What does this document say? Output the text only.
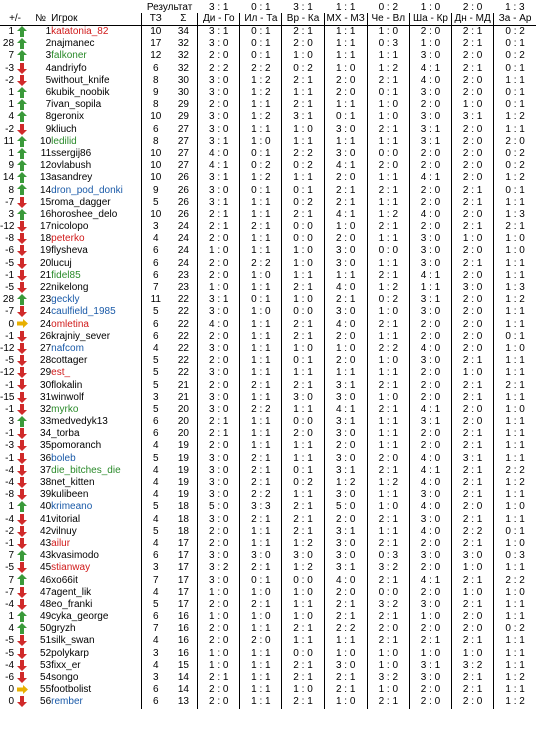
				Результат		3 : 1	0 : 1	3 : 1	1 : 1	0 : 2	1 : 0	2 : 0	1 : 3
+/-		№	Игрок	ТЗ	Σ	Ди - Го	Ил - Та	Вр - Ка	МХ - МЗ	Че - Вл	Ша - Кр	Дн - МД	За - Ар
1		1	katatonia_82	10	34	3 : 1	0 : 1	2 : 1	1 : 1	1 : 0	2 : 0	2 : 1	0 : 2
28		2	najmanec	17	32	3 : 0	0 : 1	2 : 0	1 : 1	0 : 3	1 : 0	2 : 1	0 : 1
7		3	falkoner	12	32	2 : 0	0 : 1	1 : 0	1 : 1	1 : 1	3 : 0	2 : 0	0 : 2
-3		4	andriyfo	6	32	2 : 2	2 : 2	0 : 2	1 : 0	1 : 2	4 : 1	2 : 1	0 : 1
-2		5	without_knife	8	30	3 : 0	1 : 2	2 : 1	2 : 0	2 : 1	4 : 0	2 : 0	1 : 1
1		6	kubik_noobik	9	30	3 : 0	1 : 2	1 : 1	2 : 0	0 : 1	3 : 0	2 : 0	0 : 1
1		7	ivan_sopila	8	29	2 : 0	1 : 1	2 : 1	1 : 1	1 : 0	2 : 0	1 : 0	0 : 1
4		8	geronix	10	29	3 : 0	1 : 2	3 : 1	0 : 1	1 : 0	3 : 0	3 : 1	1 : 2
-2		9	kliuch	6	27	3 : 0	1 : 1	1 : 0	3 : 0	2 : 1	3 : 1	2 : 0	1 : 1
11		10	ledilid	8	27	3 : 1	1 : 0	1 : 1	1 : 1	1 : 1	3 : 1	2 : 0	2 : 0
1		11	ssergij86	10	27	4 : 0	0 : 1	2 : 2	3 : 0	0 : 0	2 : 0	2 : 0	0 : 2
9		12	ovlabush	10	27	4 : 1	0 : 2	0 : 2	4 : 1	2 : 0	2 : 0	2 : 0	0 : 2
14		13	asandrey	10	26	3 : 1	1 : 2	1 : 1	2 : 0	1 : 1	4 : 1	2 : 0	1 : 2
8		14	dron_pod_donki	9	26	3 : 0	0 : 1	0 : 1	2 : 1	2 : 1	2 : 0	2 : 1	0 : 1
-7		15	roma_dagger	5	26	3 : 1	1 : 1	0 : 2	2 : 1	1 : 1	2 : 0	2 : 1	1 : 1
3		16	horoshee_delo	10	26	2 : 1	1 : 1	2 : 1	4 : 1	1 : 2	4 : 0	2 : 0	1 : 3
-12		17	nicolopo	3	24	2 : 1	2 : 1	0 : 0	1 : 0	2 : 1	2 : 0	2 : 1	2 : 1
-8		18	peterko	4	24	2 : 0	1 : 1	0 : 0	2 : 0	1 : 1	3 : 0	1 : 0	1 : 0
-6		19	flysheva	6	24	1 : 0	1 : 1	1 : 0	3 : 0	0 : 0	3 : 0	2 : 0	1 : 0
-5		20	lucuj	6	24	2 : 0	2 : 2	1 : 0	3 : 0	1 : 1	3 : 0	2 : 1	1 : 1
-1		21	fidel85	6	23	2 : 0	1 : 0	1 : 1	1 : 1	2 : 1	4 : 1	2 : 0	1 : 1
-5		22	nikelong	7	23	1 : 0	1 : 1	2 : 1	4 : 0	1 : 2	1 : 1	3 : 0	1 : 3
28		23	geckly	11	22	3 : 1	0 : 1	1 : 0	2 : 1	0 : 2	3 : 1	2 : 0	1 : 2
-7		24	caulfield_1985	5	22	3 : 0	1 : 0	0 : 0	3 : 0	1 : 0	3 : 0	2 : 0	1 : 1
0		24	omletina	6	22	4 : 0	1 : 1	2 : 1	4 : 0	2 : 1	2 : 0	2 : 0	1 : 1
-1		26	krajniy_sever	6	22	2 : 0	1 : 1	2 : 1	2 : 0	1 : 1	2 : 0	2 : 0	0 : 1
-12		27	nafcom	4	22	3 : 0	1 : 1	1 : 0	1 : 0	2 : 2	4 : 0	2 : 0	1 : 0
-5		28	cottager	5	22	2 : 0	1 : 1	0 : 1	2 : 0	1 : 0	3 : 0	2 : 1	1 : 1
-12		29	est_	5	22	3 : 0	1 : 1	1 : 1	1 : 1	1 : 1	2 : 0	1 : 0	1 : 1
-1		30	flokalin	5	21	2 : 0	2 : 1	2 : 1	3 : 1	2 : 1	2 : 0	2 : 1	2 : 1
-15		31	winwolf	3	21	3 : 0	1 : 1	3 : 0	3 : 0	1 : 0	2 : 0	2 : 1	1 : 1
-1		32	myrko	5	20	3 : 0	2 : 2	1 : 1	4 : 1	2 : 1	4 : 1	2 : 0	1 : 0
3		33	medvedyk13	6	20	2 : 1	1 : 1	0 : 0	3 : 1	1 : 1	3 : 1	2 : 0	1 : 1
-1		34	_torba	6	20	2 : 1	1 : 1	2 : 0	3 : 0	1 : 1	2 : 0	2 : 1	1 : 1
-3		35	pomoranch	4	19	2 : 0	1 : 1	1 : 1	2 : 0	1 : 1	2 : 0	2 : 1	1 : 1
-1		36	boleb	5	19	3 : 0	2 : 1	1 : 1	3 : 0	2 : 0	4 : 0	3 : 1	1 : 1
-4		37	die_bitches_die	4	19	3 : 0	2 : 1	0 : 1	3 : 1	2 : 1	4 : 1	2 : 1	2 : 2
-4		38	net_kitten	4	19	3 : 0	2 : 1	0 : 2	1 : 2	1 : 2	4 : 0	2 : 1	1 : 2
-8		39	kulibeen	4	19	3 : 0	2 : 2	1 : 1	3 : 0	1 : 1	3 : 0	2 : 1	1 : 1
1		40	krimeano	5	18	5 : 0	3 : 3	2 : 1	5 : 0	1 : 0	4 : 0	2 : 0	1 : 0
-4		41	vitorial	4	18	3 : 0	2 : 1	2 : 1	2 : 0	2 : 1	3 : 0	2 : 1	1 : 1
-2		42	vilnuy	5	18	2 : 0	1 : 1	2 : 1	3 : 1	1 : 1	4 : 0	2 : 2	0 : 1
-1		43	ailur	4	17	2 : 0	1 : 1	1 : 2	3 : 0	2 : 1	2 : 0	2 : 1	1 : 0
7		43	kvasimodo	6	17	3 : 0	3 : 0	3 : 0	3 : 0	0 : 3	3 : 0	3 : 0	0 : 3
-5		45	stianway	3	17	3 : 2	2 : 1	1 : 2	3 : 1	3 : 2	2 : 0	1 : 0	1 : 1
7		46	xo66it	7	17	3 : 0	0 : 1	0 : 0	4 : 0	2 : 1	4 : 1	2 : 1	2 : 2
-7		47	agent_lik	4	17	1 : 0	1 : 0	1 : 0	2 : 0	0 : 0	2 : 0	1 : 0	1 : 0
-4		48	eo_franki	5	17	2 : 0	2 : 1	1 : 1	2 : 1	3 : 2	3 : 0	2 : 1	1 : 1
1		49	cyka_george	6	16	1 : 0	1 : 0	1 : 0	2 : 1	2 : 1	1 : 0	2 : 0	1 : 1
4		50	gryzh	7	16	2 : 0	1 : 1	2 : 1	2 : 2	2 : 0	2 : 0	2 : 0	0 : 2
-5		51	silk_swan	4	16	2 : 0	2 : 0	1 : 1	1 : 1	2 : 1	2 : 1	2 : 1	1 : 1
-5		52	polykarp	3	16	1 : 0	1 : 1	0 : 0	1 : 0	1 : 0	1 : 0	1 : 0	1 : 1
-4		53	fixx_er	4	15	1 : 0	1 : 1	2 : 1	3 : 0	1 : 0	3 : 1	3 : 2	1 : 1
-6		54	songo	3	14	2 : 1	1 : 1	2 : 1	2 : 1	3 : 2	3 : 0	2 : 1	1 : 2
0		55	footbolist	6	14	2 : 0	1 : 1	1 : 0	2 : 1	1 : 0	2 : 0	2 : 1	1 : 1
0		56	rember	6	13	2 : 0	1 : 1	2 : 1	1 : 0	2 : 1	2 : 0	2 : 0	1 : 2
